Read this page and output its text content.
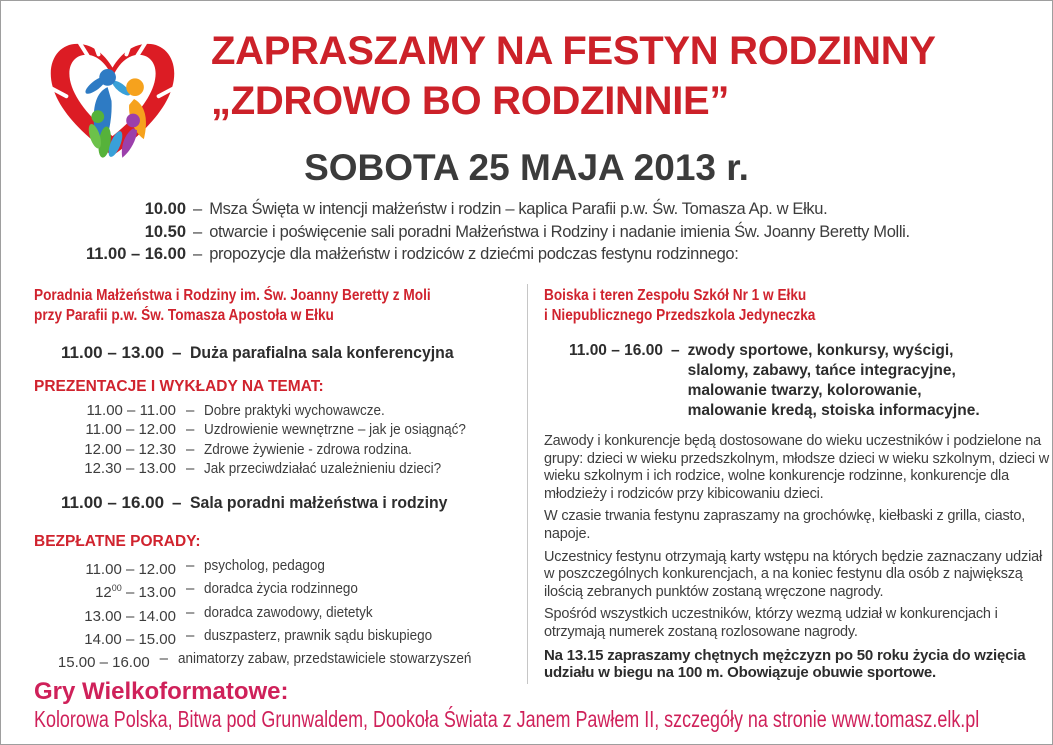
ZAPRASZAMY NA FESTYN RODZINNY
„ZDROWO BO RODZINNIE”
SOBOTA 25 MAJA 2013 r.
10.00 – Msza Święta w intencji małżeństw i rodzin – kaplica Parafii p.w. Św. Tomasza Ap. w Ełku.
10.50 – otwarcie i poświęcenie sali poradni Małżeństwa i Rodziny i nadanie imienia Św. Joanny Beretty Molli.
11.00 – 16.00 – propozycje dla małżeństw i rodziców z dziećmi podczas festynu rodzinnego:
Poradnia Małżeństwa i Rodziny im. Św. Joanny Beretty z Moli
przy Parafii p.w. Św. Tomasza Apostoła w Ełku
11.00 – 13.00 – Duża parafialna sala konferencyjna
PREZENTACJE I WYKŁADY NA TEMAT:
11.00 – 11.00 – Dobre praktyki wychowawcze.
11.00 – 12.00 – Uzdrowienie wewnętrzne – jak je osiągnąć?
12.00 – 12.30 – Zdrowe żywienie - zdrowa rodzina.
12.30 – 13.00 – Jak przeciwdziałać uzależnieniu dzieci?
11.00 – 16.00 – Sala poradni małżeństwa i rodziny
BEZPŁATNE PORADY:
11.00 – 12.00 – psycholog, pedagog
$12^{00} - 13.00$ – doradca życia rodzinnego
13.00 – 14.00 – doradca zawodowy, dietetyk
14.00 – 15.00 – duszpasterz, prawnik sądu biskupiego
15.00 – 16.00 – animatorzy zabaw, przedstawiciele stowarzyszeń
Boiska i teren Zespołu Szkół Nr 1 w Ełku
i Niepublicznego Przedszkola Jedyneczka
11.00 – 16.00 – zwody sportowe, konkursy, wyścigi, slalomy, zabawy, tańce integracyjne, malowanie twarzy, kolorowanie, malowanie kredą, stoiska informacyjne.

Zawody i konkurencje będą dostosowane do wieku uczestników i podzielone na grupy: dzieci w wieku przedszkolnym, młodsze dzieci w wieku szkolnym, dzieci w wieku szkolnym i ich rodzice, wolne konkurencje rodzinne, konkurencje dla młodzieży i rodziców przy kibicowaniu dzieci.

W czasie trwania festynu zapraszamy na grochówkę, kiełbaski z grilla, ciasto, napoje.

Uczestnicy festynu otrzymają karty wstępu na których będzie zaznaczany udział w poszczególnych konkurencjach, a na koniec festynu dla osób z największą ilością zebranych punktów zostaną wręczone nagrody.

Spośród wszystkich uczestników, którzy wezmą udział w konkurencjach i otrzymają numerek zostaną rozlosowane nagrody.

Na 13.15 zapraszamy chętnych mężczyzn po 50 roku życia do wzięcia udziału w biegu na 100 m. Obowiązuje obuwie sportowe.

Gry Wielkoformatowe:
Kolorowa Polska, Bitwa pod Grunwaldem, Dookoła Świata z Janem Pawłem II, szczegóły na stronie www.tomasz.elk.pl
